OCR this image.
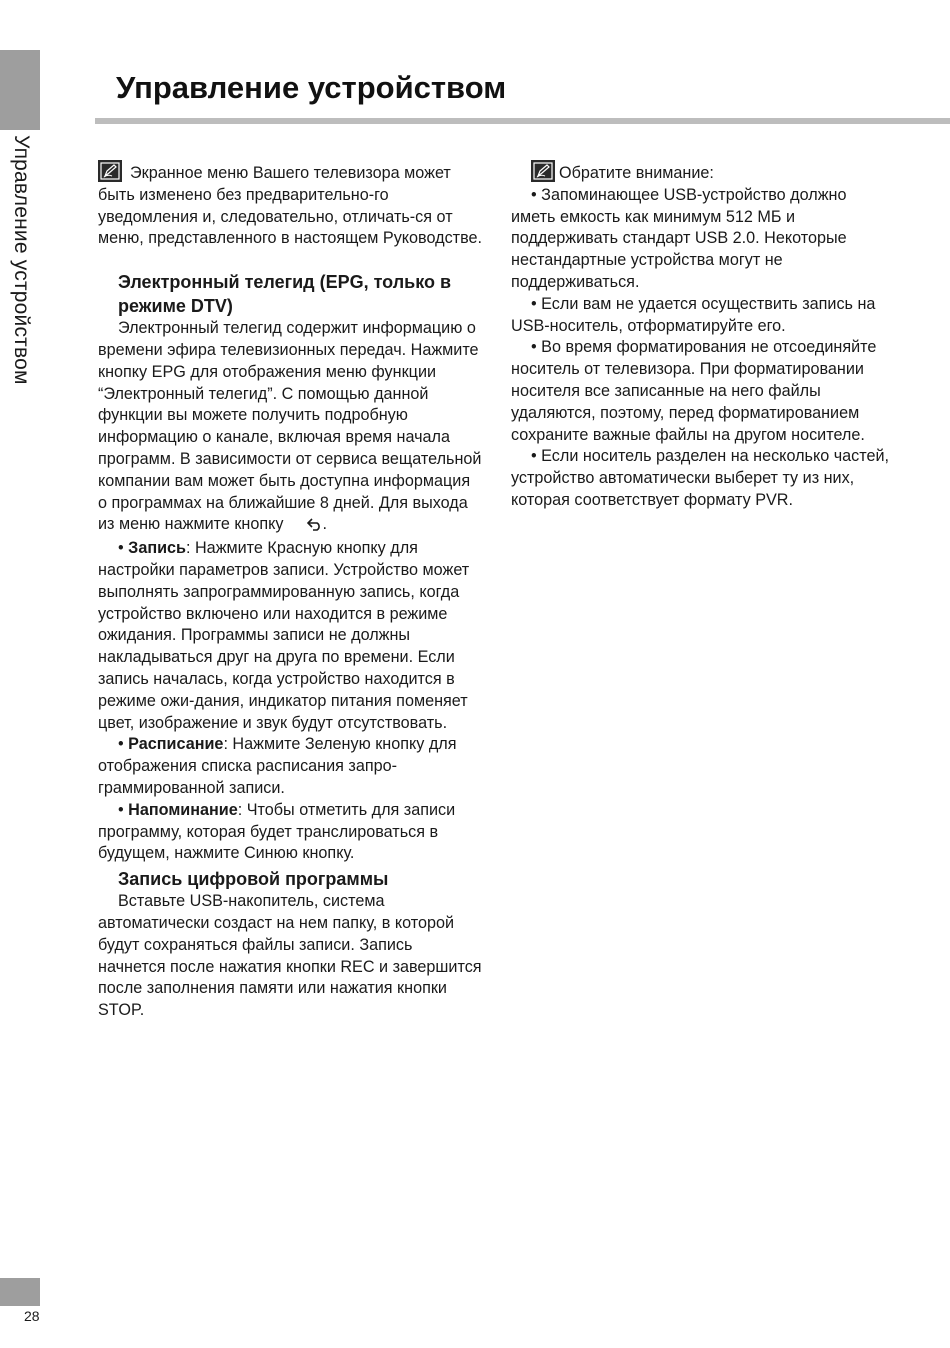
Управление устройством
Управление устройством

Экранное меню Вашего телевизора может быть изменено без предварительно-го уведомления и, следовательно, отличать-ся от меню, представленного в настоящем Руководстве.

Электронный телегид (EPG, только в режиме DTV)

Электронный телегид содержит информацию о времени эфира телевизионных передач. Нажмите кнопку EPG для отображения меню функции “Электронный телегид”. С помощью данной функции вы можете получить подробную информацию о канале, включая время начала программ. В зависимости от сервиса вещательной компании вам может быть доступна информация о программах на ближайшие 8 дней. Для выхода из меню нажмите кнопку .

• Запись: Нажмите Красную кнопку для настройки параметров записи. Устройство может выполнять запрограммированную запись, когда устройство включено или находится в режиме ожидания. Программы записи не должны накладываться друг на друга по времени. Если запись началась, когда устройство находится в режиме ожи-дания, индикатор питания поменяет цвет, изображение и звук будут отсутствовать.

• Расписание: Нажмите Зеленую кнопку для отображения списка расписания запро-граммированной записи.

• Напоминание: Чтобы отметить для записи программу, которая будет транслироваться в будущем, нажмите Синюю кнопку.

Запись цифровой программы

Вставьте USB-накопитель, система автоматически создаст на нем папку, в которой будут сохраняться файлы записи. Запись начнется после нажатия кнопки REC и завершится после заполнения памяти или нажатия кнопки STOP.

Обратите внимание:

• Запоминающее USB-устройство должно иметь емкость как минимум 512 МБ и поддерживать стандарт USB 2.0. Некоторые нестандартные устройства могут не поддерживаться.

• Если вам не удается осуществить запись на USB-носитель, отформатируйте его.

• Во время форматирования не отсоединяйте носитель от телевизора. При форматировании носителя все записанные на него файлы удаляются, поэтому, перед форматированием сохраните важные файлы на другом носителе.

• Если носитель разделен на несколько частей, устройство автоматически выберет ту из них, которая соответствует формату PVR.

28
